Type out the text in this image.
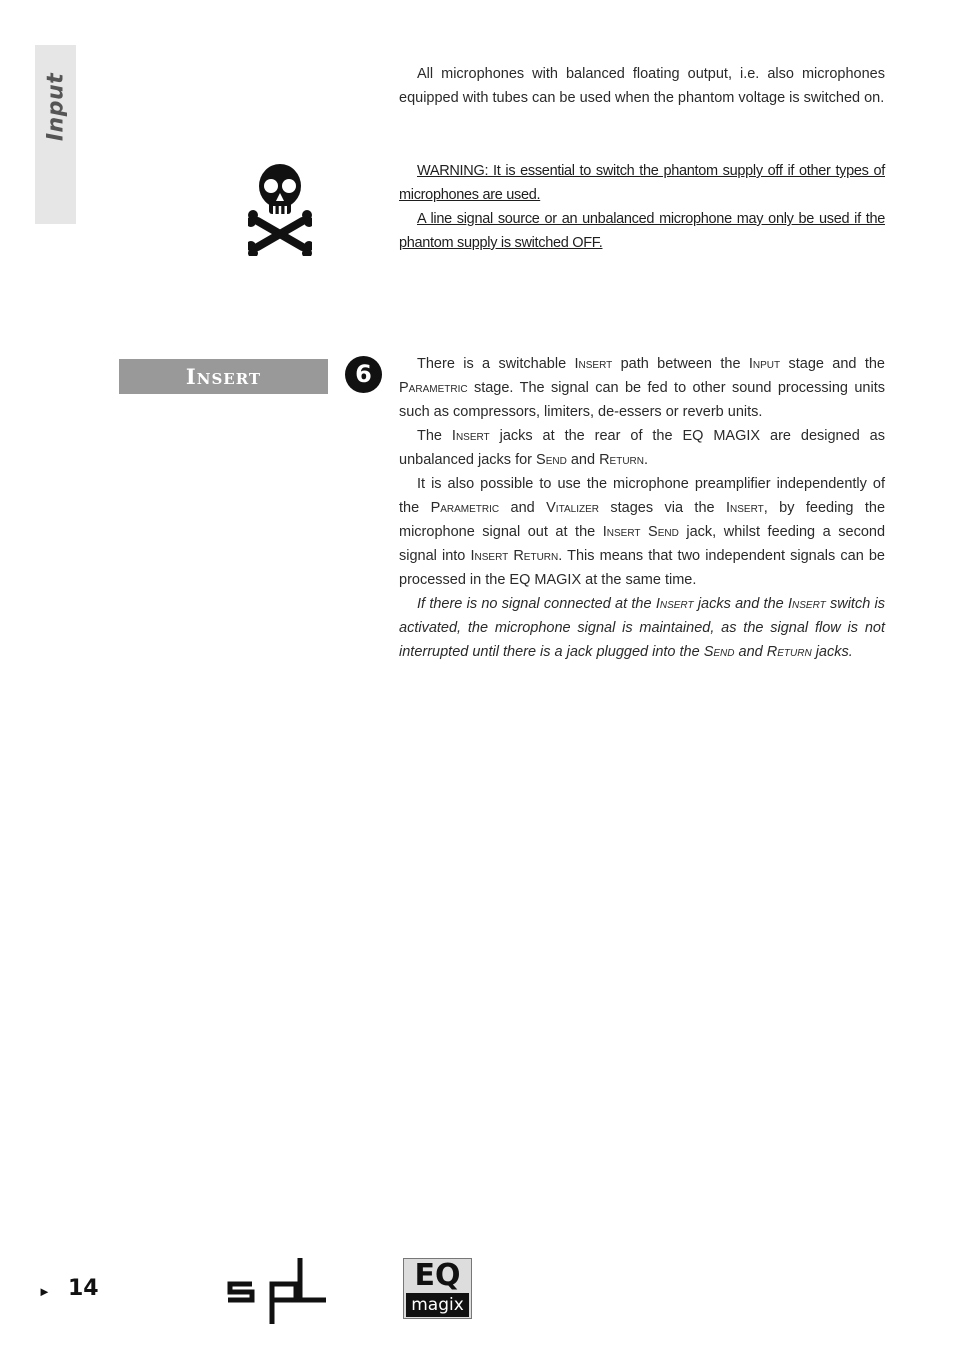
Input	All microphones with balanced floating output, i.e. also microphones equipped with tubes can be used when the phantom voltage is switched on.

WARNING: It is essential to switch the phantom supply off if other types of microphones are used.

A line signal source or an unbalanced microphone may only be used if the phantom supply is switched OFF.

Insert	6	There is a switchable Insert path between the Input stage and the Parametric stage. The signal can be fed to other sound processing units such as compressors, limiters, de-essers or reverb units.

The Insert jacks at the rear of the EQ MAGIX are designed as unbalanced jacks for Send and Return.

It is also possible to use the microphone preamplifier independently of the Parametric and Vitalizer stages via the Insert, by feeding the microphone signal out at the Insert Send jack, whilst feeding a second signal into Insert Return. This means that two independent signals can be processed in the EQ MAGIX at the same time.

If there is no signal connected at the Insert jacks and the Insert switch is activated, the microphone signal is maintained, as the signal flow is not interrupted until there is a jack plugged into the Send and Return jacks.

► 14	EQ
magix
